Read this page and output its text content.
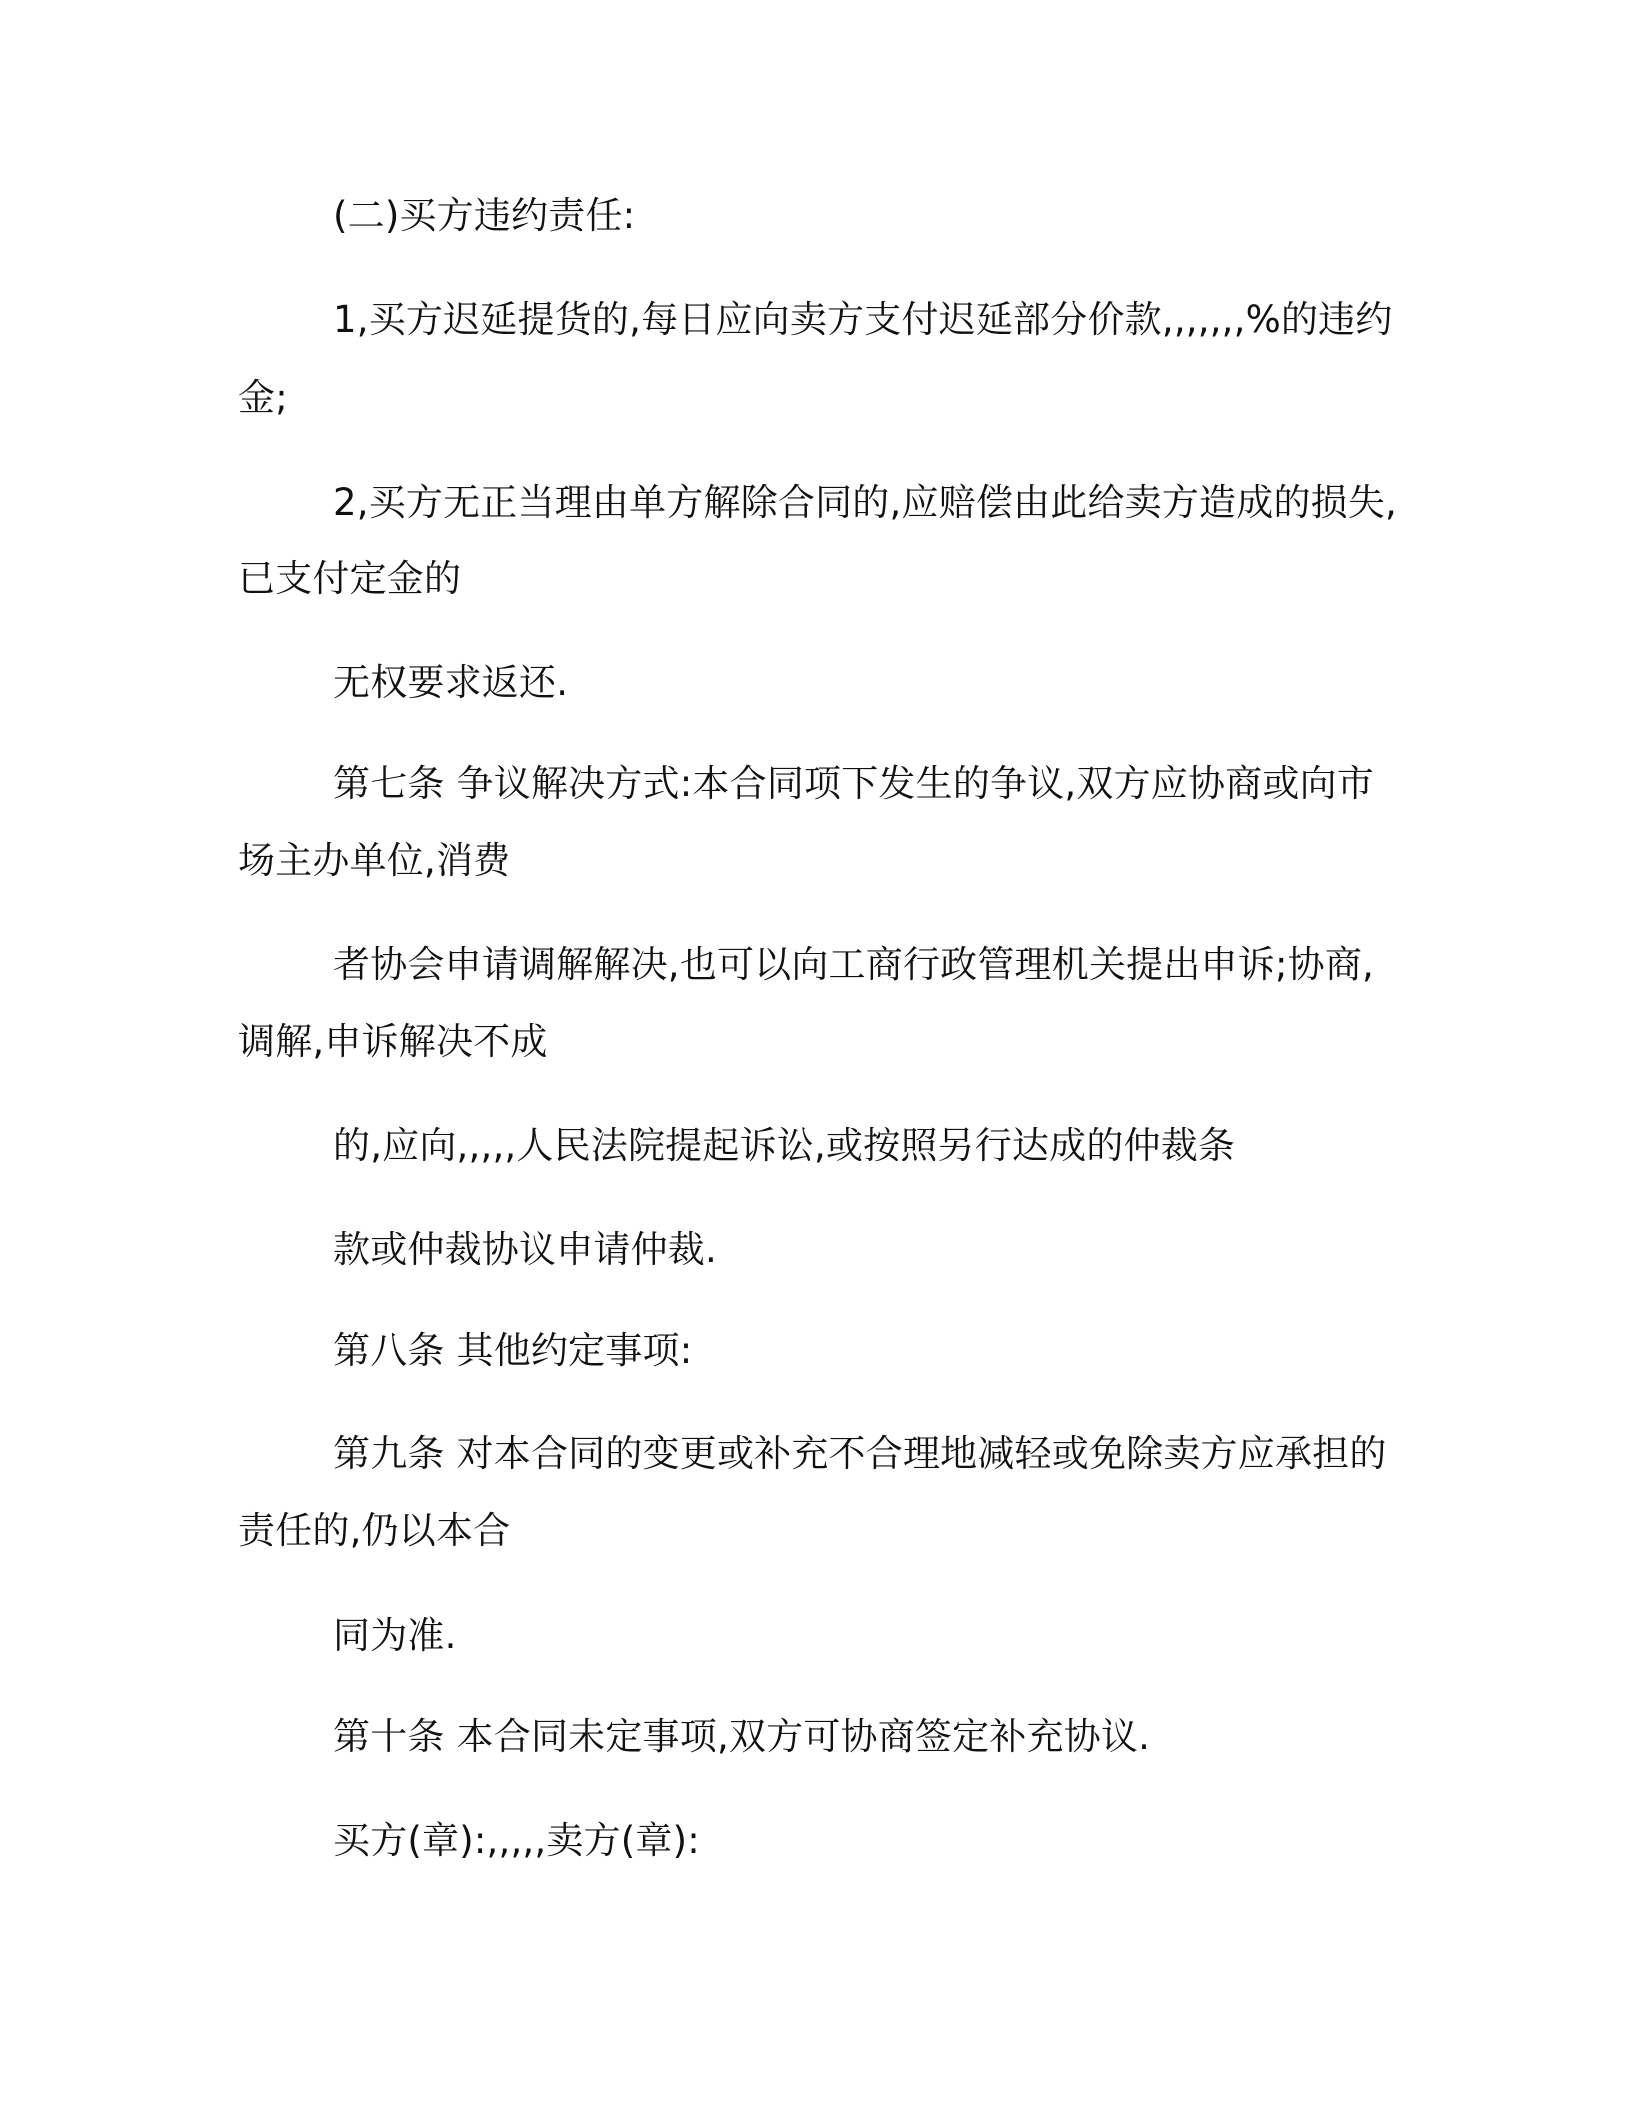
(二)买方违约责任:

1,买方迟延提货的,每日应向卖方支付迟延部分价款,,,,,,,%的违约

金;

2,买方无正当理由单方解除合同的,应赔偿由此给卖方造成的损失,

已支付定金的

无权要求返还.

第七条 争议解决方式:本合同项下发生的争议,双方应协商或向市

场主办单位,消费

者协会申请调解解决,也可以向工商行政管理机关提出申诉;协商,

调解,申诉解决不成

的,应向,,,,,人民法院提起诉讼,或按照另行达成的仲裁条

款或仲裁协议申请仲裁.

第八条 其他约定事项:

第九条 对本合同的变更或补充不合理地减轻或免除卖方应承担的

责任的,仍以本合

同为准.

第十条 本合同未定事项,双方可协商签定补充协议.

买方(章):,,,,,卖方(章):
